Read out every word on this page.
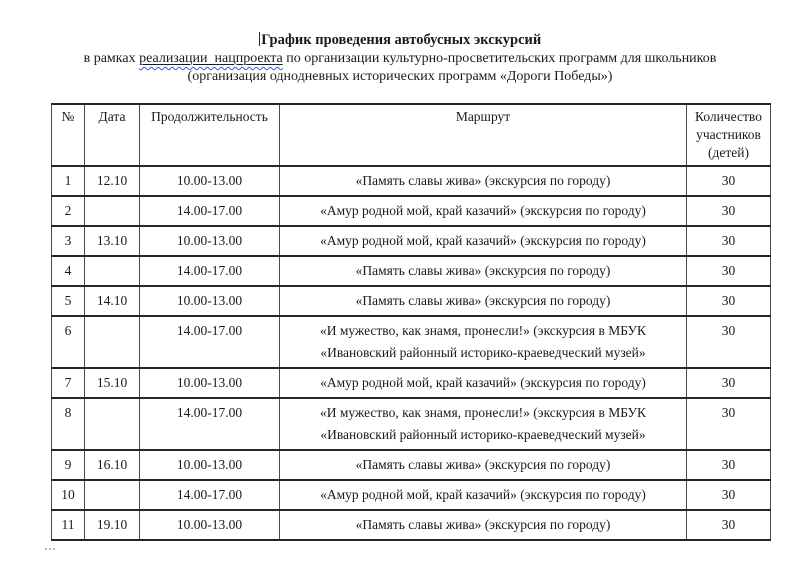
График проведения автобусных экскурсий
в рамках реализации  нацпроекта по организации культурно-просветительских программ для школьников
(организация однодневных исторических программ «Дороги Победы»)
№	Дата	Продолжительность	Маршрут	Количество участников (детей)
1	12.10	10.00-13.00	«Память славы жива» (экскурсия по городу)	30
2		14.00-17.00	«Амур родной мой, край казачий» (экскурсия по городу)	30
3	13.10	10.00-13.00	«Амур родной мой, край казачий» (экскурсия по городу)	30
4		14.00-17.00	«Память славы жива» (экскурсия по городу)	30
5	14.10	10.00-13.00	«Память славы жива» (экскурсия по городу)	30
6		14.00-17.00	«И мужество, как знамя, пронесли!» (экскурсия в МБУК «Ивановский районный историко-краеведческий музей»	30
7	15.10	10.00-13.00	«Амур родной мой, край казачий» (экскурсия по городу)	30
8		14.00-17.00	«И мужество, как знамя, пронесли!» (экскурсия в МБУК «Ивановский районный историко-краеведческий музей»	30
9	16.10	10.00-13.00	«Память славы жива» (экскурсия по городу)	30
10		14.00-17.00	«Амур родной мой, край казачий» (экскурсия по городу)	30
11	19.10	10.00-13.00	«Память славы жива» (экскурсия по городу)	30
